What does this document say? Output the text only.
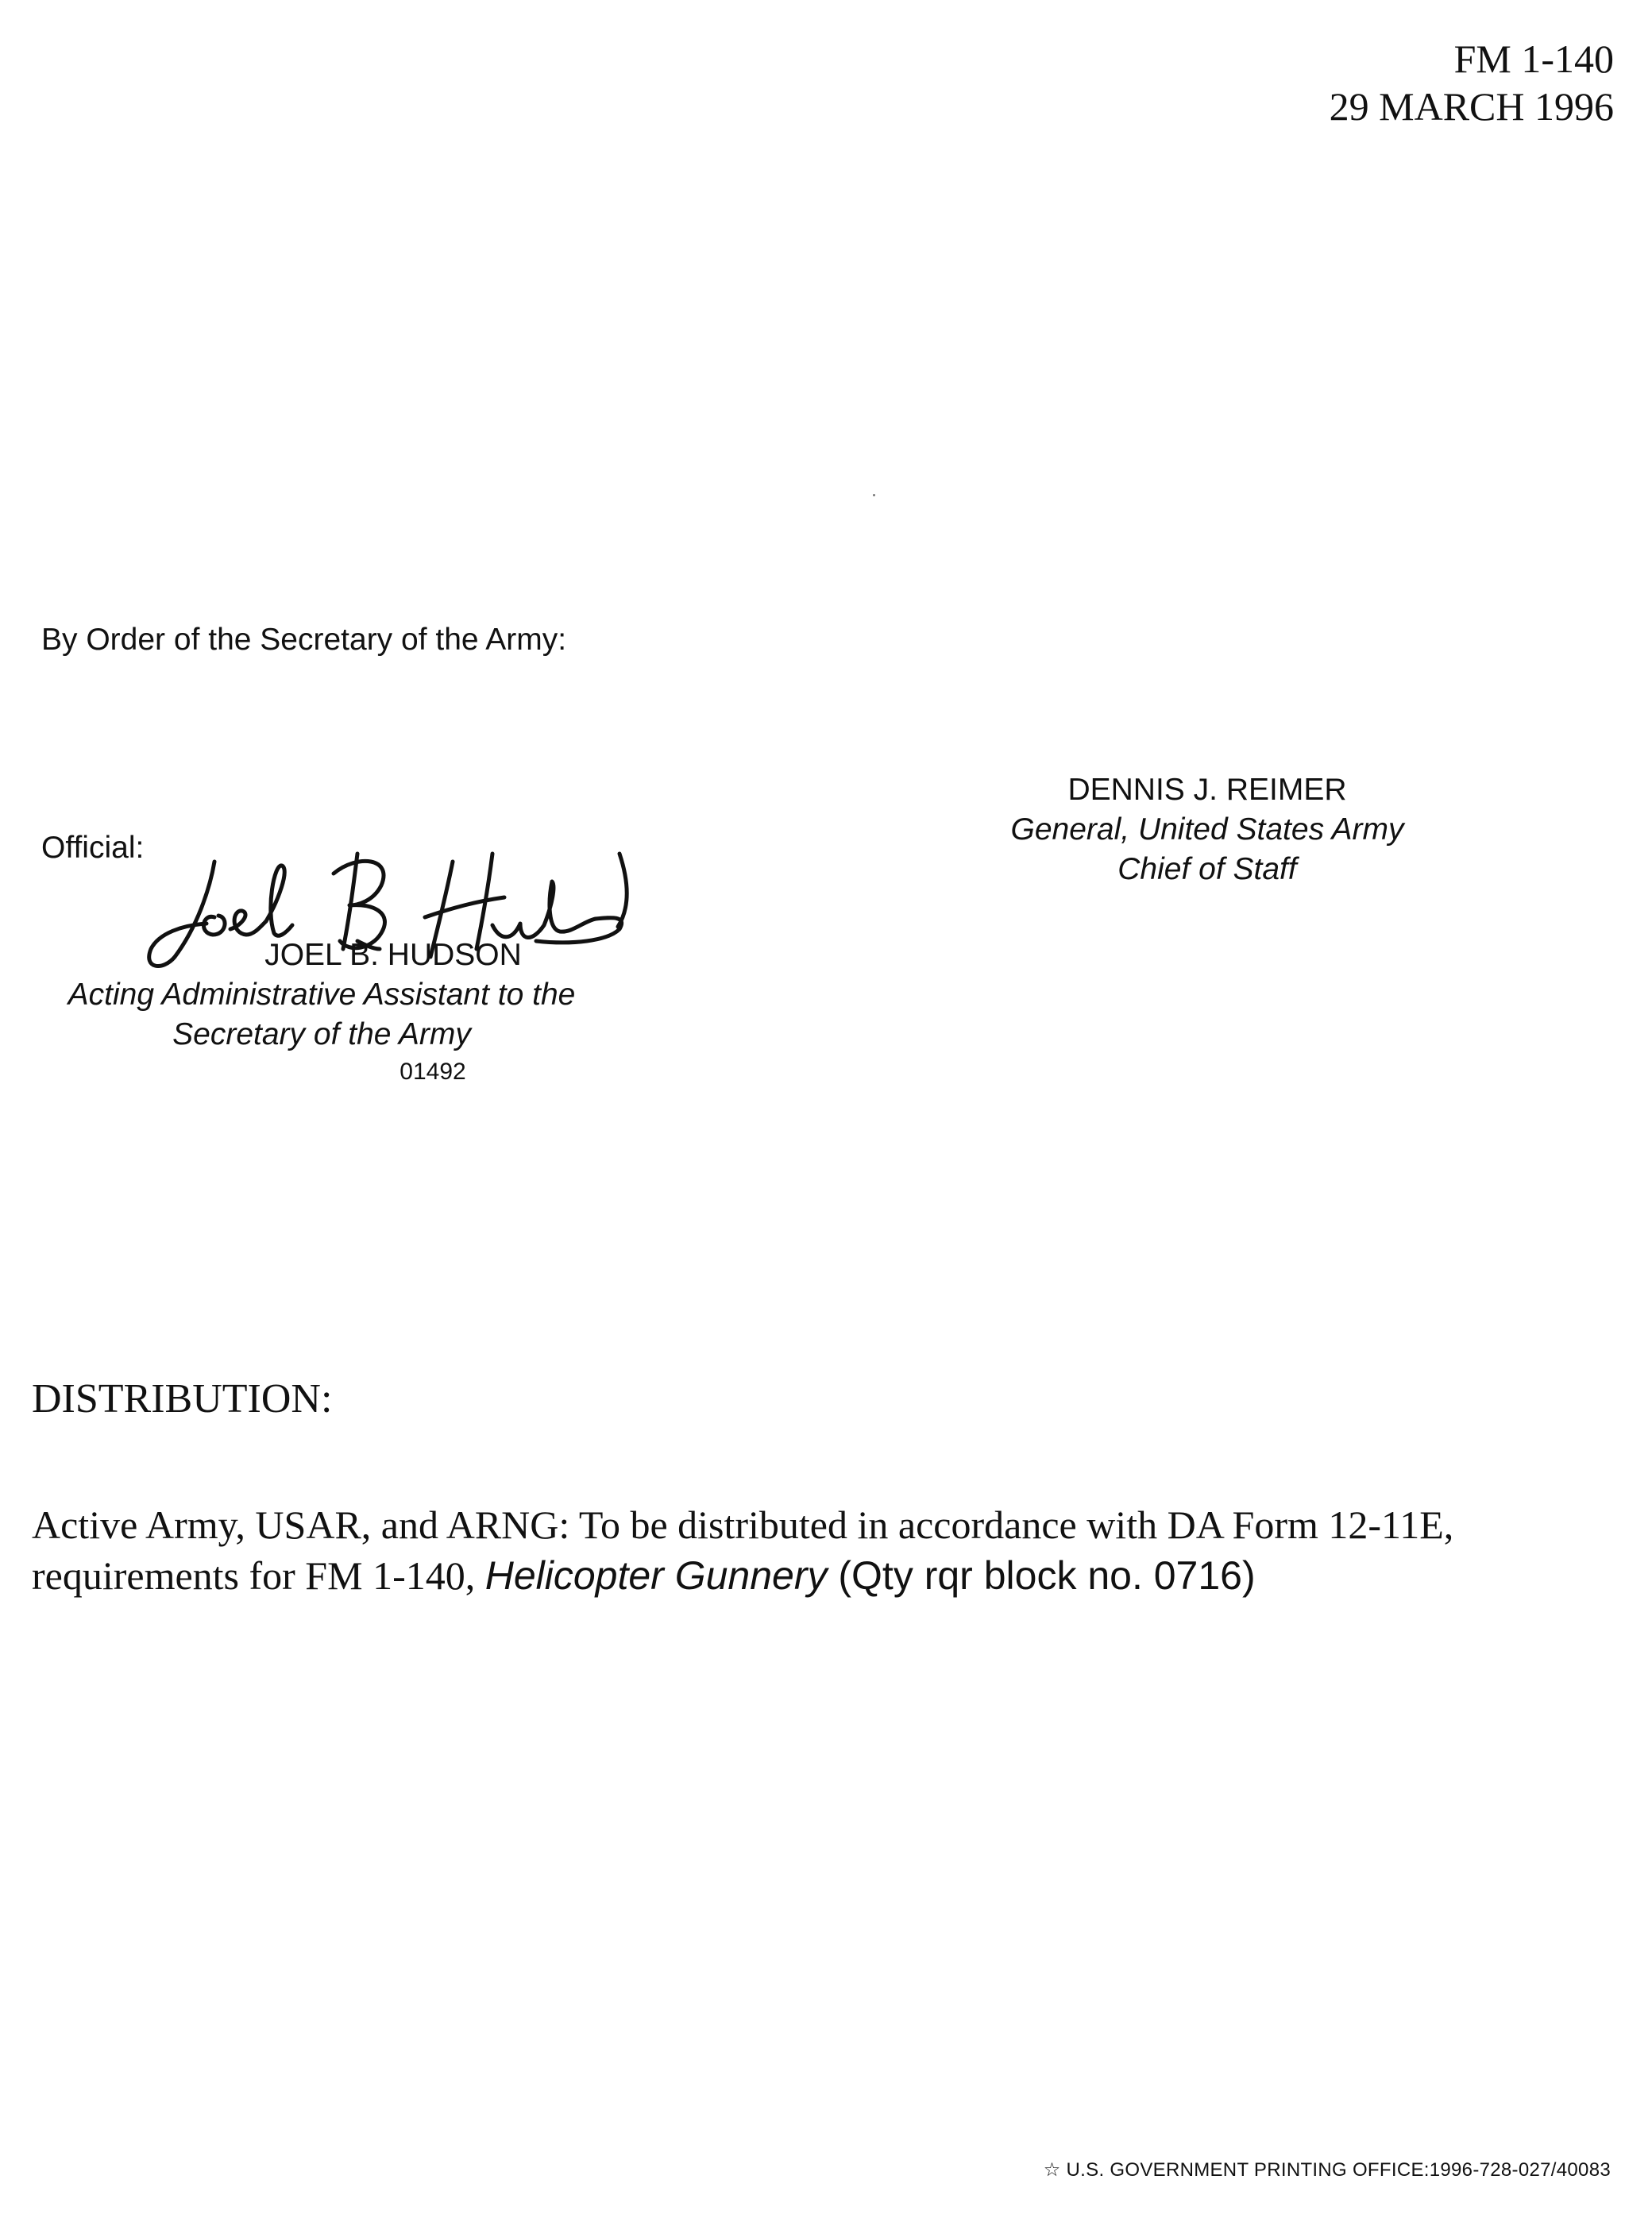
FM 1-140
29 MARCH 1996
By Order of the Secretary of the Army:
DENNIS J. REIMER
General, United States Army
Chief of Staff
Official:
JOEL B. HUDSON
Acting Administrative Assistant to the
Secretary of the Army
01492
DISTRIBUTION:
Active Army, USAR, and ARNG: To be distributed in accordance with DA Form 12-11E, requirements for FM 1-140, Helicopter Gunnery (Qty rqr block no. 0716)
☆ U.S. GOVERNMENT PRINTING OFFICE:1996-728-027/40083
